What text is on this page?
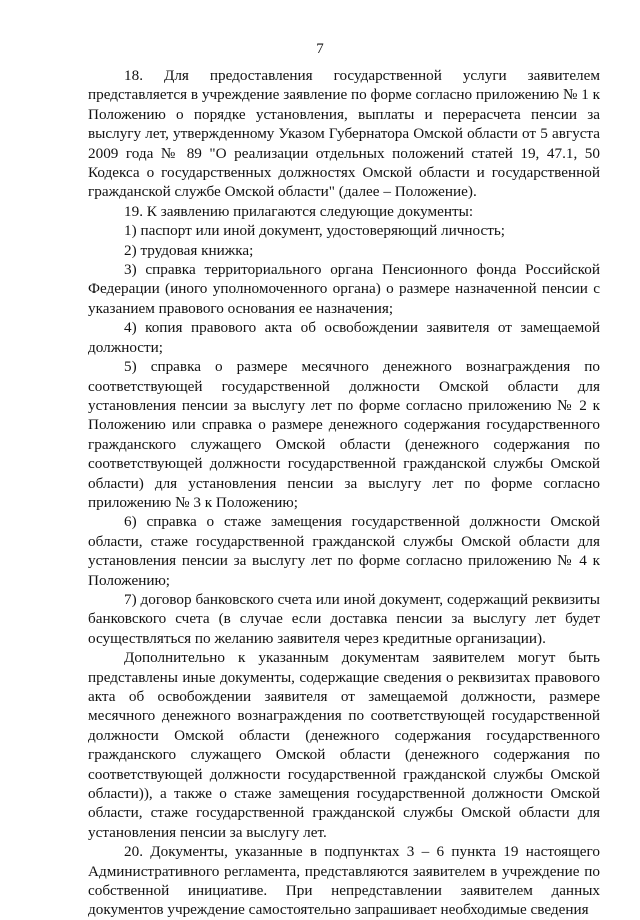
7

18. Для предоставления государственной услуги заявителем представляется в учреждение заявление по форме согласно приложению № 1 к Положению о порядке установления, выплаты и перерасчета пенсии за выслугу лет, утвержденному Указом Губернатора Омской области от 5 августа 2009 года № 89 "О реализации отдельных положений статей 19, 47.1, 50 Кодекса о государственных должностях Омской области и государственной гражданской службе Омской области" (далее – Положение).

19. К заявлению прилагаются следующие документы:

1) паспорт или иной документ, удостоверяющий личность;

2) трудовая книжка;

3) справка территориального органа Пенсионного фонда Российской Федерации (иного уполномоченного органа) о размере назначенной пенсии с указанием правового основания ее назначения;

4) копия правового акта об освобождении заявителя от замещаемой должности;

5) справка о размере месячного денежного вознаграждения по соответствующей государственной должности Омской области для установления пенсии за выслугу лет по форме согласно приложению № 2 к Положению или справка о размере денежного содержания государственного гражданского служащего Омской области (денежного содержания по соответствующей должности государственной гражданской службы Омской области) для установления пенсии за выслугу лет по форме согласно приложению № 3 к Положению;

6) справка о стаже замещения государственной должности Омской области, стаже государственной гражданской службы Омской области для установления пенсии за выслугу лет по форме согласно приложению № 4 к Положению;

7) договор банковского счета или иной документ, содержащий реквизиты банковского счета (в случае если доставка пенсии за выслугу лет будет осуществляться по желанию заявителя через кредитные организации).

Дополнительно к указанным документам заявителем могут быть представлены иные документы, содержащие сведения о реквизитах правового акта об освобождении заявителя от замещаемой должности, размере месячного денежного вознаграждения по соответствующей государственной должности Омской области (денежного содержания государственного гражданского служащего Омской области (денежного содержания по соответствующей должности государственной гражданской службы Омской области)), а также о стаже замещения государственной должности Омской области, стаже государственной гражданской службы Омской области для установления пенсии за выслугу лет.

20. Документы, указанные в подпунктах 3 – 6 пункта 19 настоящего Административного регламента, представляются заявителем в учреждение по собственной инициативе. При непредставлении заявителем данных документов учреждение самостоятельно запрашивает необходимые сведения
